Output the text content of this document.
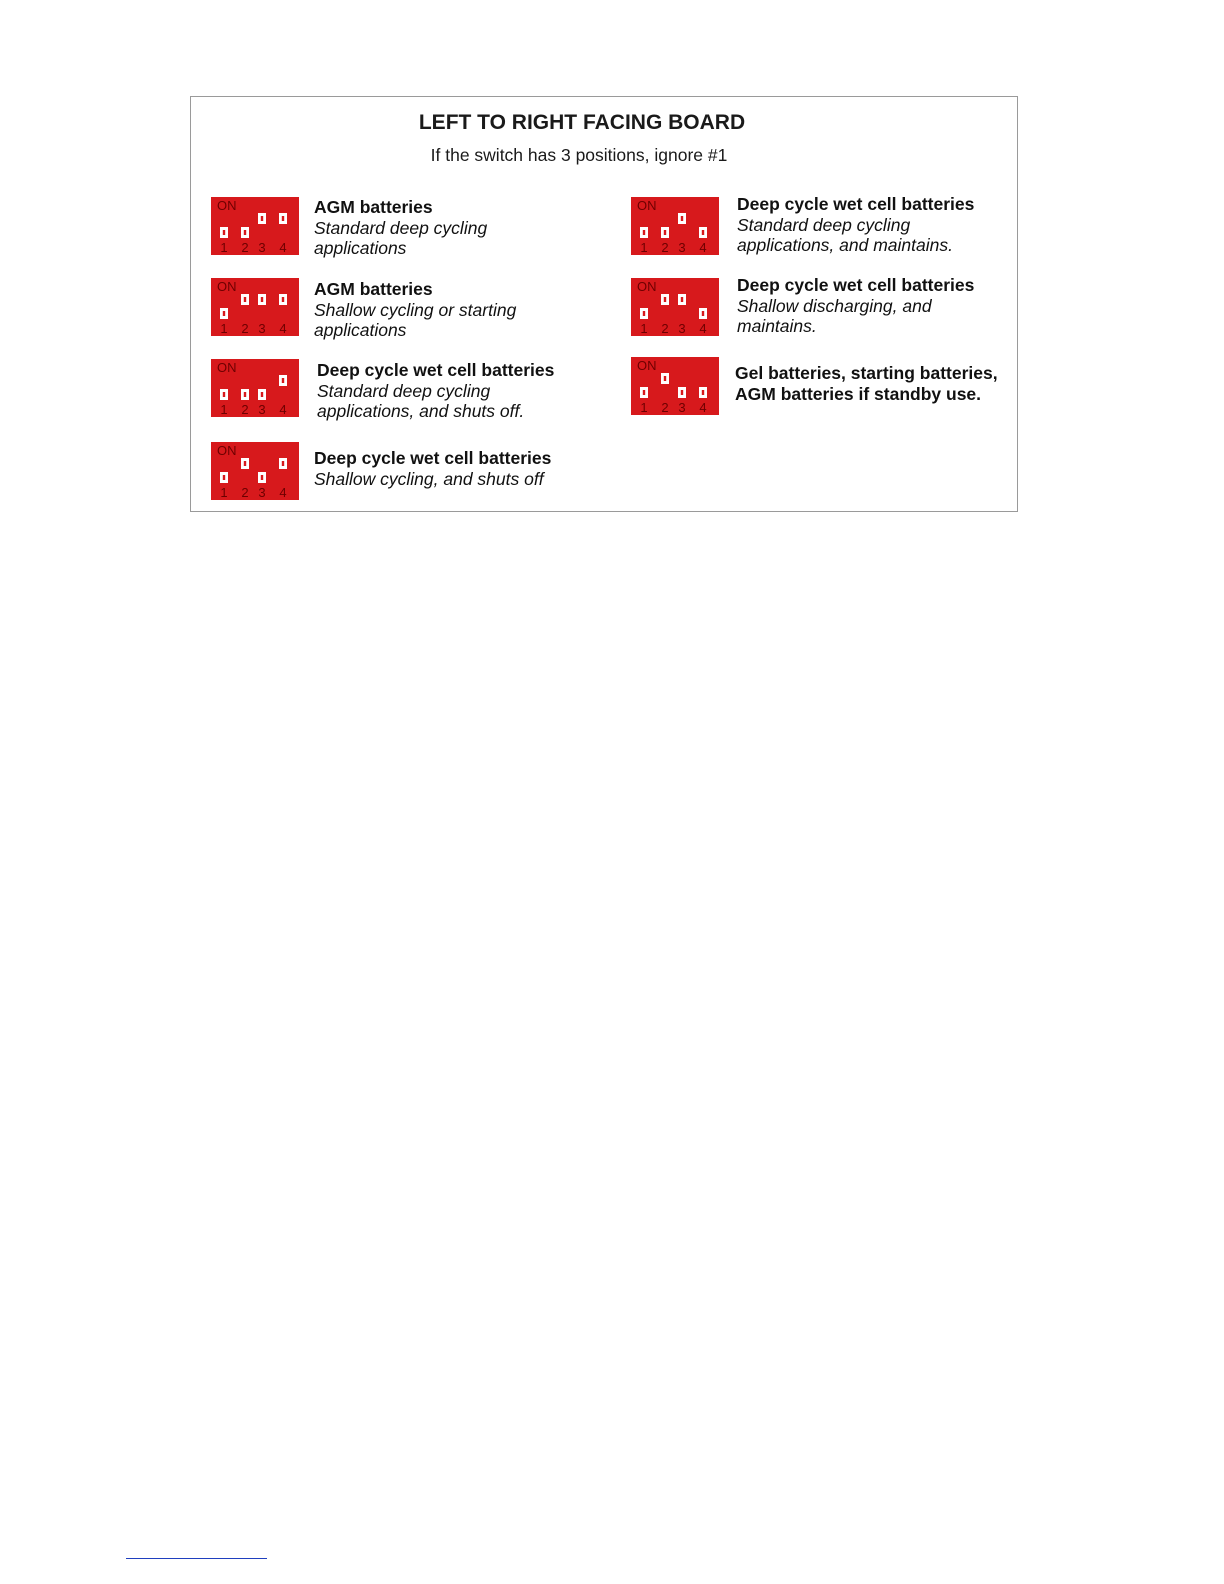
LEFT TO RIGHT FACING BOARD
If the switch has 3 positions, ignore #1
ON
1 2 3 4
AGM batteries
Standard deep cycling
applications
ON
1 2 3 4
AGM batteries
Shallow cycling or starting
applications
ON
1 2 3 4
Deep cycle wet cell batteries
Standard deep cycling
applications, and shuts off.
ON
1 2 3 4
Deep cycle wet cell batteries
Shallow cycling, and shuts off
ON
1 2 3 4
Deep cycle wet cell batteries
Standard deep cycling
applications, and maintains.
ON
1 2 3 4
Deep cycle wet cell batteries
Shallow discharging, and
maintains.
ON
1 2 3 4
Gel batteries, starting batteries,
AGM batteries if standby use.
